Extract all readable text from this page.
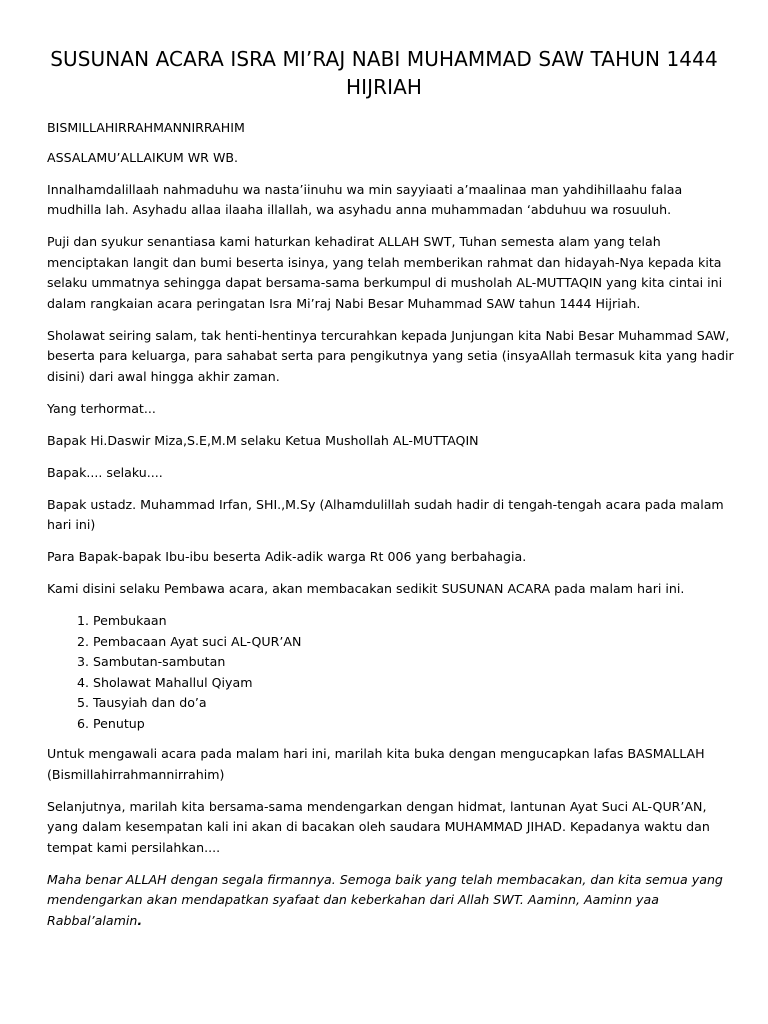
SUSUNAN ACARA ISRA MI’RAJ NABI MUHAMMAD SAW TAHUN 1444
HIJRIAH

BISMILLAHIRRAHMANNIRRAHIM

ASSALAMU’ALLAIKUM WR WB.

Innalhamdalillaah nahmaduhu wa nasta’iinuhu wa min sayyiaati a’maalinaa man yahdihillaahu falaa mudhilla lah. Asyhadu allaa ilaaha illallah, wa asyhadu anna muhammadan ‘abduhuu wa rosuuluh.

Puji dan syukur senantiasa kami haturkan kehadirat ALLAH SWT, Tuhan semesta alam yang telah menciptakan langit dan bumi beserta isinya, yang telah memberikan rahmat dan hidayah-Nya kepada kita selaku ummatnya sehingga dapat bersama-sama berkumpul di musholah AL-MUTTAQIN yang kita cintai ini dalam rangkaian acara peringatan Isra Mi’raj Nabi Besar Muhammad SAW tahun 1444 Hijriah.

Sholawat seiring salam, tak henti-hentinya tercurahkan kepada Junjungan kita Nabi Besar Muhammad SAW, beserta para keluarga, para sahabat serta para pengikutnya yang setia (insyaAllah termasuk kita yang hadir disini) dari awal hingga akhir zaman.

Yang terhormat...

Bapak Hi.Daswir Miza,S.E,M.M selaku Ketua Mushollah AL-MUTTAQIN

Bapak.... selaku....

Bapak ustadz. Muhammad Irfan, SHI.,M.Sy (Alhamdulillah sudah hadir di tengah-tengah acara pada malam hari ini)

Para Bapak-bapak Ibu-ibu beserta Adik-adik warga Rt 006 yang berbahagia.

Kami disini selaku Pembawa acara, akan membacakan sedikit SUSUNAN ACARA pada malam hari ini.

1. Pembukaan
2. Pembacaan Ayat suci AL-QUR’AN
3. Sambutan-sambutan
4. Sholawat Mahallul Qiyam
5. Tausyiah dan do’a
6. Penutup

Untuk mengawali acara pada malam hari ini, marilah kita buka dengan mengucapkan lafas BASMALLAH (Bismillahirrahmannirrahim)

Selanjutnya, marilah kita bersama-sama mendengarkan dengan hidmat, lantunan Ayat Suci AL-QUR’AN, yang dalam kesempatan kali ini akan di bacakan oleh saudara MUHAMMAD JIHAD. Kepadanya waktu dan tempat kami persilahkan....

Maha benar ALLAH dengan segala firmannya. Semoga baik yang telah membacakan, dan kita semua yang mendengarkan akan mendapatkan syafaat dan keberkahan dari Allah SWT. Aaminn, Aaminn yaa Rabbal’alamin.
